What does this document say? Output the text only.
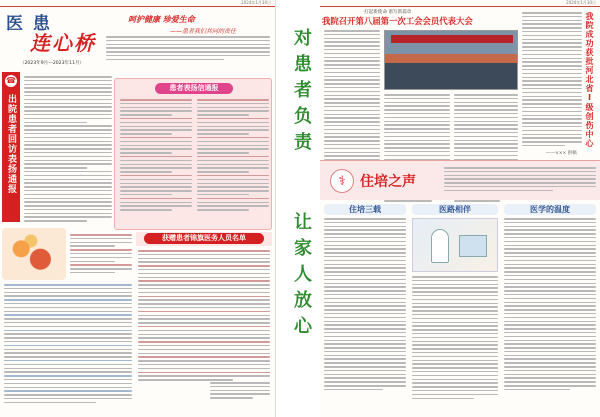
2024年1月30日
医 患
连心桥
（2023年9月—2023年11月）
呵护健康 珍爱生命
——患者我们共同的责任
☎
出院患者回访表扬通报
患者表扬信通报
获赠患者锦旗医务人员名单
对患者负责
让家人放心
2024年1月30日
打起新使命 谱写新篇章
我院召开第八届第一次工会会员代表大会	我院成功获批河北省Ⅰ级创伤中心
——××× 供稿
⚕	住培之声
住培三载	医路相伴	医学的温度
